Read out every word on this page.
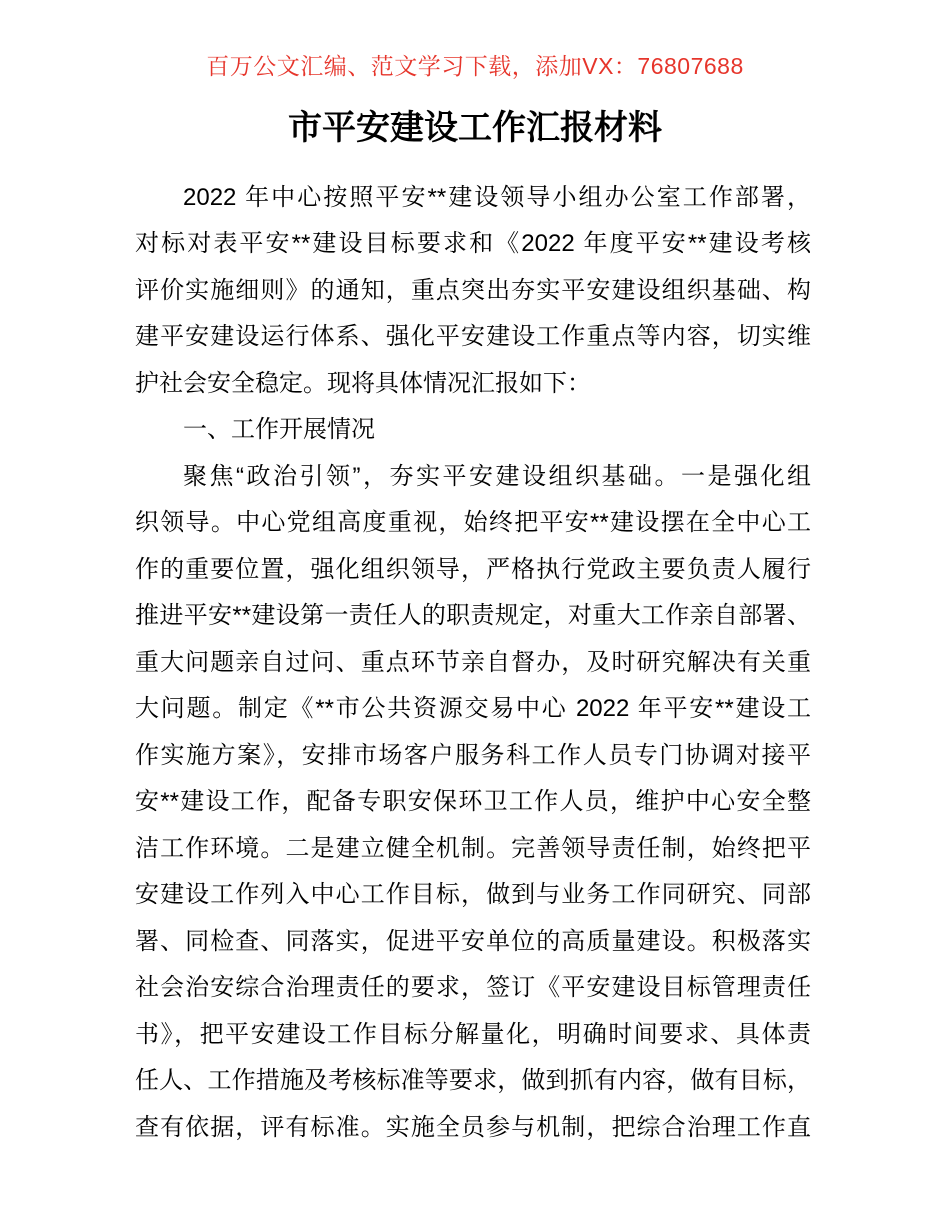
百万公文汇编、范文学习下载，添加VX：76807688
市平安建设工作汇报材料
2022 年中心按照平安**建设领导小组办公室工作部署，
对标对表平安**建设目标要求和《2022 年度平安**建设考核
评价实施细则》的通知，重点突出夯实平安建设组织基础、构
建平安建设运行体系、强化平安建设工作重点等内容，切实维
护社会安全稳定。现将具体情况汇报如下：
一、工作开展情况
聚焦“政治引领”，夯实平安建设组织基础。一是强化组
织领导。中心党组高度重视，始终把平安**建设摆在全中心工
作的重要位置，强化组织领导，严格执行党政主要负责人履行
推进平安**建设第一责任人的职责规定，对重大工作亲自部署、
重大问题亲自过问、重点环节亲自督办，及时研究解决有关重
大问题。制定《**市公共资源交易中心 2022 年平安**建设工
作实施方案》，安排市场客户服务科工作人员专门协调对接平
安**建设工作，配备专职安保环卫工作人员，维护中心安全整
洁工作环境。二是建立健全机制。完善领导责任制，始终把平
安建设工作列入中心工作目标，做到与业务工作同研究、同部
署、同检查、同落实，促进平安单位的高质量建设。积极落实
社会治安综合治理责任的要求，签订《平安建设目标管理责任
书》，把平安建设工作目标分解量化，明确时间要求、具体责
任人、工作措施及考核标准等要求，做到抓有内容，做有目标，
查有依据，评有标准。实施全员参与机制，把综合治理工作直
